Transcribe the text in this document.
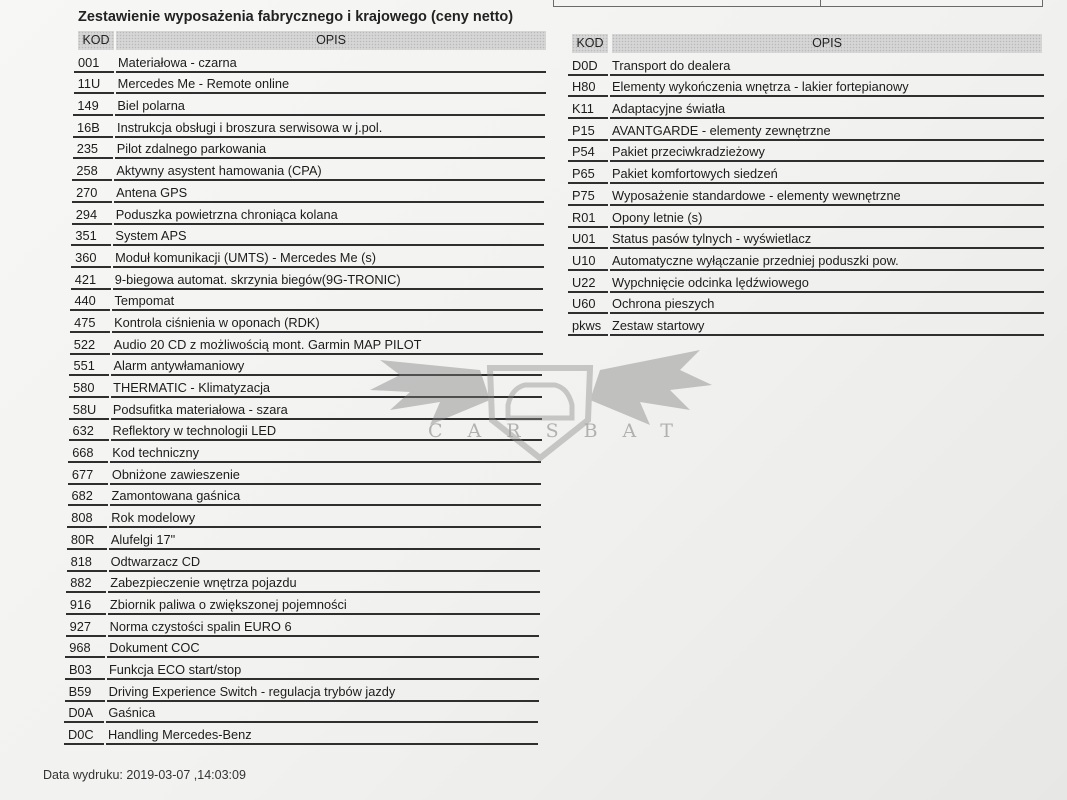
Zestawienie wyposażenia fabrycznego i krajowego (ceny netto)
KOD	OPIS
001 Materiałowa - czarna
11U Mercedes Me - Remote online
149 Biel polarna
16B Instrukcja obsługi i broszura serwisowa w j.pol.
235 Pilot zdalnego parkowania
258 Aktywny asystent hamowania (CPA)
270 Antena GPS
294 Poduszka powietrzna chroniąca kolana
351 System APS
360 Moduł komunikacji (UMTS) - Mercedes Me (s)
421 9-biegowa automat. skrzynia biegów(9G-TRONIC)
440 Tempomat
475 Kontrola ciśnienia w oponach (RDK)
522 Audio 20 CD z możliwością mont. Garmin MAP PILOT
551 Alarm antywłamaniowy
580 THERMATIC - Klimatyzacja
58U Podsufitka materiałowa - szara
632 Reflektory w technologii LED
668 Kod techniczny
677 Obniżone zawieszenie
682 Zamontowana gaśnica
808 Rok modelowy
80R Alufelgi 17"
818 Odtwarzacz CD
882 Zabezpieczenie wnętrza pojazdu
916 Zbiornik paliwa o zwiększonej pojemności
927 Norma czystości spalin EURO 6
968 Dokument COC
B03 Funkcja ECO start/stop
B59 Driving Experience Switch - regulacja trybów jazdy
D0A Gaśnica
D0C Handling Mercedes-Benz
KOD	OPIS
D0D Transport do dealera
H80 Elementy wykończenia wnętrza - lakier fortepianowy
K11 Adaptacyjne światła
P15 AVANTGARDE - elementy zewnętrzne
P54 Pakiet przeciwkradzieżowy
P65 Pakiet komfortowych siedzeń
P75 Wyposażenie standardowe - elementy wewnętrzne
R01 Opony letnie (s)
U01 Status pasów tylnych - wyświetlacz
U10 Automatyczne wyłączanie przedniej poduszki pow.
U22 Wypchnięcie odcinka lędźwiowego
U60 Ochrona pieszych
pkws Zestaw startowy
CARSBAT
Data wydruku: 2019-03-07 ,14:03:09
